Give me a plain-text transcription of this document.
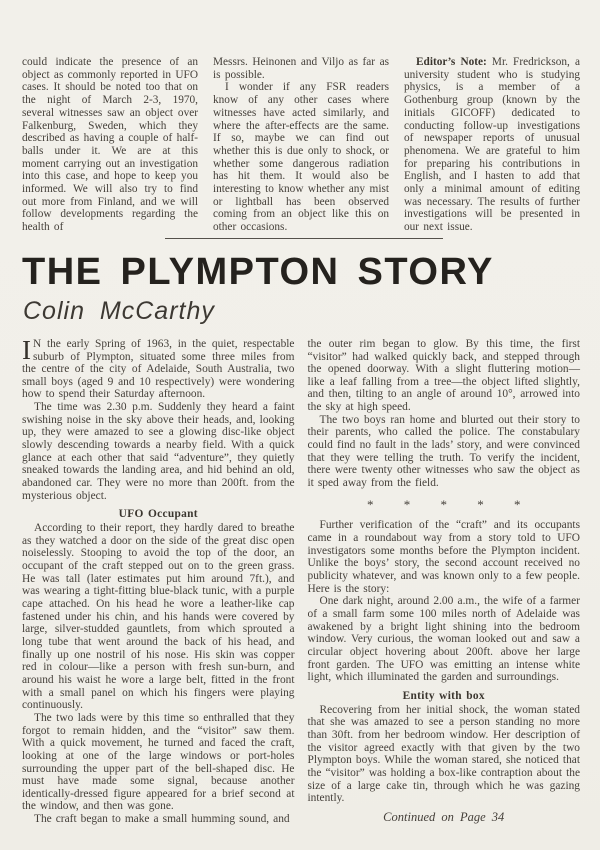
could indicate the presence of an object as commonly reported in UFO cases. It should be noted too that on the night of March 2-3, 1970, several witnesses saw an object over Falkenburg, Sweden, which they described as having a couple of half-balls under it. We are at this moment carrying out an investigation into this case, and hope to keep you informed. We will also try to find out more from Finland, and we will follow developments regarding the health of

Messrs. Heinonen and Viljo as far as is possible.

I wonder if any FSR readers know of any other cases where witnesses have acted similarly, and where the after-effects are the same. If so, maybe we can find out whether this is due only to shock, or whether some dangerous radiation has hit them. It would also be interesting to know whether any mist or lightball has been observed coming from an object like this on other occasions.

Editor’s Note: Mr. Fredrickson, a university student who is studying physics, is a member of a Gothenburg group (known by the initials GICOFF) dedicated to conducting follow-up investigations of newspaper reports of unusual phenomena. We are grateful to him for preparing his contributions in English, and I hasten to add that only a minimal amount of editing was necessary. The results of further investigations will be presented in our next issue.

THE PLYMPTON STORY
Colin McCarthy

I N the early Spring of 1963, in the quiet, respectable suburb of Plympton, situated some three miles from the centre of the city of Adelaide, South Australia, two small boys (aged 9 and 10 respectively) were wondering how to spend their Saturday afternoon.

The time was 2.30 p.m. Suddenly they heard a faint swishing noise in the sky above their heads, and, looking up, they were amazed to see a glowing disc-like object slowly descending towards a nearby field. With a quick glance at each other that said “adventure”, they quietly sneaked towards the landing area, and hid behind an old, abandoned car. They were no more than 200ft. from the mysterious object.

UFO Occupant

According to their report, they hardly dared to breathe as they watched a door on the side of the great disc open noiselessly. Stooping to avoid the top of the door, an occupant of the craft stepped out on to the green grass. He was tall (later estimates put him around 7ft.), and was wearing a tight-fitting blue-black tunic, with a purple cape attached. On his head he wore a leather-like cap fastened under his chin, and his hands were covered by large, silver-studded gauntlets, from which sprouted a long tube that went around the back of his head, and finally up one nostril of his nose. His skin was copper red in colour—like a person with fresh sun-burn, and around his waist he wore a large belt, fitted in the front with a small panel on which his fingers were playing continuously.

The two lads were by this time so enthralled that they forgot to remain hidden, and the “visitor” saw them. With a quick movement, he turned and faced the craft, looking at one of the large windows or port-holes surrounding the upper part of the bell-shaped disc. He must have made some signal, because another identically-dressed figure appeared for a brief second at the window, and then was gone.

The craft began to make a small humming sound, and

the outer rim began to glow. By this time, the first “visitor” had walked quickly back, and stepped through the opened doorway. With a slight fluttering motion— like a leaf falling from a tree—the object lifted slightly, and then, tilting to an angle of around 10°, arrowed into the sky at high speed.

The two boys ran home and blurted out their story to their parents, who called the police. The constabulary could find no fault in the lads’ story, and were convinced that they were telling the truth. To verify the incident, there were twenty other witnesses who saw the object as it sped away from the field.

* * * * *

Further verification of the “craft” and its occupants came in a roundabout way from a story told to UFO investigators some months before the Plympton incident. Unlike the boys’ story, the second account received no publicity whatever, and was known only to a few people. Here is the story:

One dark night, around 2.00 a.m., the wife of a farmer of a small farm some 100 miles north of Adelaide was awakened by a bright light shining into the bedroom window. Very curious, the woman looked out and saw a circular object hovering about 200ft. above her large front garden. The UFO was emitting an intense white light, which illuminated the garden and surroundings.

Entity with box

Recovering from her initial shock, the woman stated that she was amazed to see a person standing no more than 30ft. from her bedroom window. Her description of the visitor agreed exactly with that given by the two Plympton boys. While the woman stared, she noticed that the “visitor” was holding a box-like contraption about the size of a large cake tin, through which he was gazing intently.

Continued on Page 34
